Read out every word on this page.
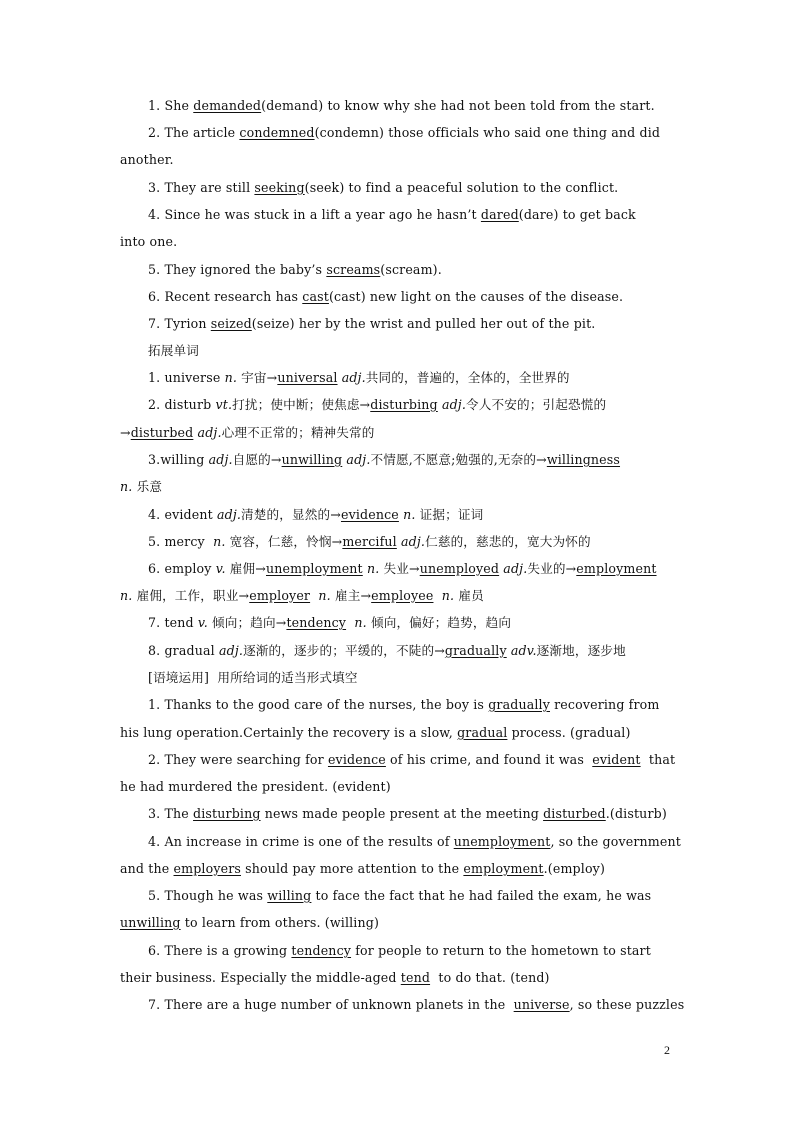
1. She demanded(demand) to know why she had not been told from the start.
2. The article condemned(condemn) those officials who said one thing and did
another.
3. They are still seeking(seek) to find a peaceful solution to the conflict.
4. Since he was stuck in a lift a year ago he hasn’t dared(dare) to get back
into one.
5. They ignored the baby’s screams(scream).
6. Recent research has cast(cast) new light on the causes of the disease.
7. Tyrion seized(seize) her by the wrist and pulled her out of the pit.
拓展单词
1. universe n. 宇宙→universal adj.共同的，普遍的，全体的，全世界的
2. disturb vt.打扰；使中断；使焦虑→disturbing adj.令人不安的；引起恐慌的
→disturbed adj.心理不正常的；精神失常的
3.willing adj.自愿的→unwilling adj.不情愿,不愿意;勉强的,无奈的→willingness
n. 乐意
4. evident adj.清楚的，显然的→evidence n. 证据；证词
5. mercy  n. 宽容，仁慈，怜悯→merciful adj.仁慈的，慈悲的，宽大为怀的
6. employ v. 雇佣→unemployment n. 失业→unemployed adj.失业的→employment
n. 雇佣，工作，职业→employer n. 雇主→employee n. 雇员
7. tend v. 倾向；趋向→tendency n. 倾向，偏好；趋势，趋向
8. gradual adj.逐渐的，逐步的；平缓的，不陡的→gradually adv.逐渐地，逐步地
[语境运用]  用所给词的适当形式填空
1. Thanks to the good care of the nurses, the boy is gradually recovering from
his lung operation.Certainly the recovery is a slow, gradual process. (gradual)
2. They were searching for evidence of his crime, and found it was  evident  that
he had murdered the president. (evident)
3. The disturbing news made people present at the meeting disturbed.(disturb)
4. An increase in crime is one of the results of unemployment, so the government
and the employers should pay more attention to the employment.(employ)
5. Though he was willing to face the fact that he had failed the exam, he was
unwilling to learn from others. (willing)
6. There is a growing tendency for people to return to the hometown to start
their business. Especially the middle-aged tend  to do that. (tend)
7. There are a huge number of unknown planets in the  universe, so these puzzles
2
